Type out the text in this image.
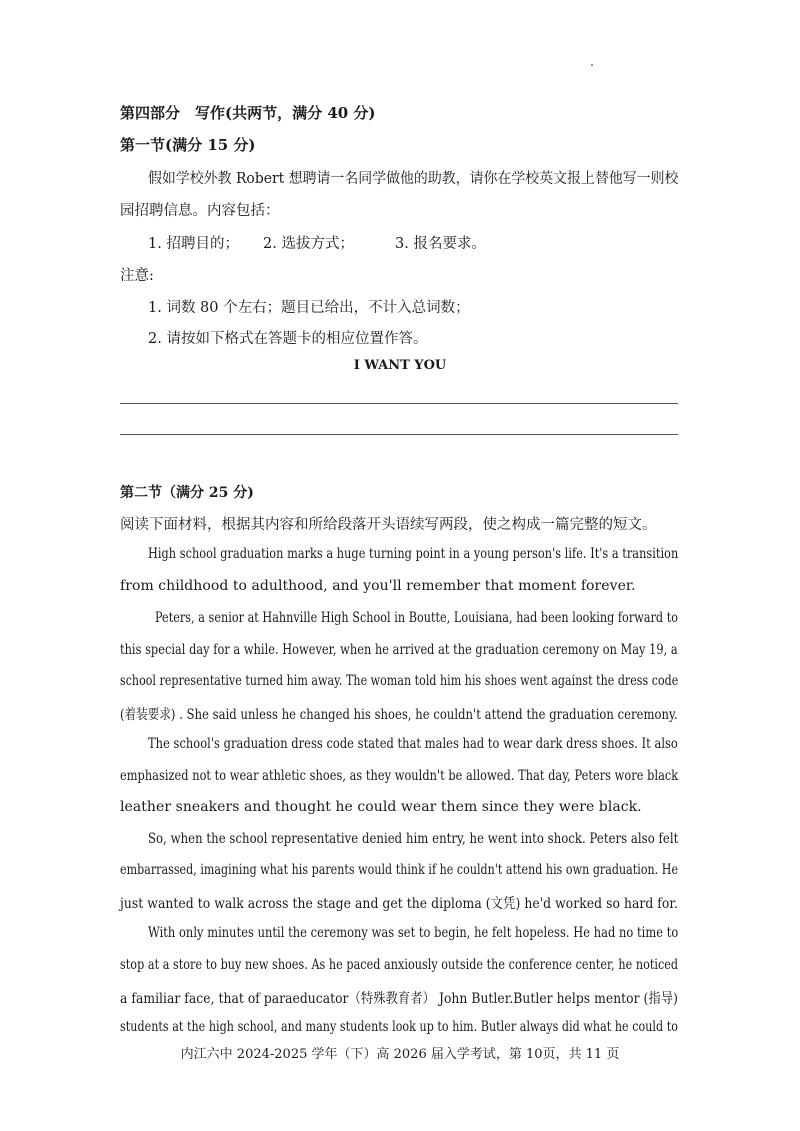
第四部分　写作(共两节，满分 40 分)
第一节(满分 15 分)
假如学校外教 Robert 想聘请一名同学做他的助教，请你在学校英文报上替他写一则校
园招聘信息。内容包括：
1. 招聘目的； 2. 选拔方式；	3. 报名要求。
注意:
1. 词数 80 个左右；题目已给出，不计入总词数；
2. 请按如下格式在答题卡的相应位置作答。
I WANT YOU
第二节（满分 25 分)
阅读下面材料，根据其内容和所给段落开头语续写两段，使之构成一篇完整的短文。
High school graduation marks a huge turning point in a young person's life. It's a transition
from childhood to adulthood, and you'll remember that moment forever.
Peters, a senior at Hahnville High School in Boutte, Louisiana, had been looking forward to
this special day for a while. However, when he arrived at the graduation ceremony on May 19, a
school representative turned him away. The woman told him his shoes went against the dress code
(着装要求) . She said unless he changed his shoes, he couldn't attend the graduation ceremony.
The school's graduation dress code stated that males had to wear dark dress shoes. It also
emphasized not to wear athletic shoes, as they wouldn't be allowed. That day, Peters wore black
leather sneakers and thought he could wear them since they were black.
So, when the school representative denied him entry, he went into shock. Peters also felt
embarrassed, imagining what his parents would think if he couldn't attend his own graduation. He
just wanted to walk across the stage and get the diploma (文凭) he'd worked so hard for.
With only minutes until the ceremony was set to begin, he felt hopeless. He had no time to
stop at a store to buy new shoes. As he paced anxiously outside the conference center, he noticed
a familiar face, that of paraeducator（特殊教育者） John Butler.Butler helps mentor (指导)
students at the high school, and many students look up to him. Butler always did what he could to
内江六中 2024-2025 学年（下）高 2026 届入学考试，第 10页，共 11 页
